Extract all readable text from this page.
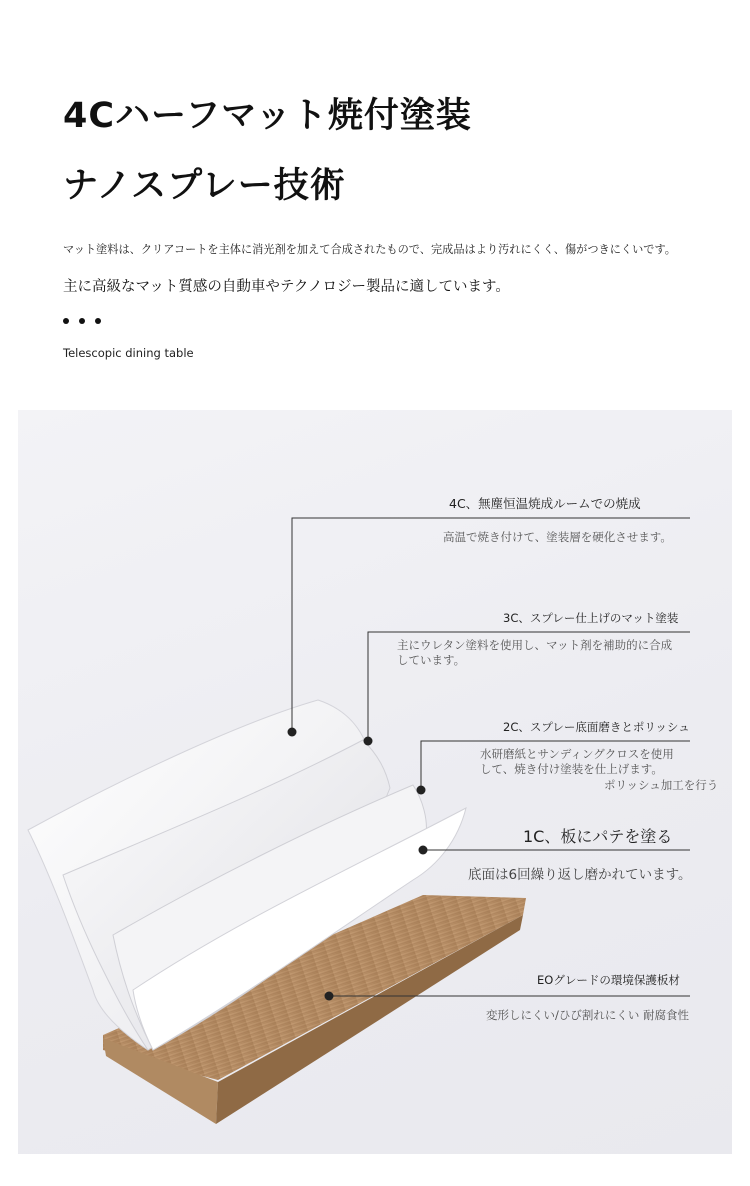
4Cハーフマット焼付塗装
ナノスプレー技術
マット塗料は、クリアコートを主体に消光剤を加えて合成されたもので、完成品はより汚れにくく、傷がつきにくいです。
主に高級なマット質感の自動車やテクノロジー製品に適しています。
Telescopic dining table
4C、無塵恒温焼成ルームでの焼成
高温で焼き付けて、塗装層を硬化させます。
3C、スプレー仕上げのマット塗装
主にウレタン塗料を使用し、マット剤を補助的に合成
しています。
2C、スプレー底面磨きとポリッシュ
水研磨紙とサンディングクロスを使用
して、焼き付け塗装を仕上げます。
ポリッシュ加工を行う
1C、板にパテを塗る
底面は6回繰り返し磨かれています。
EOグレードの環境保護板材
変形しにくい/ひび割れにくい 耐腐食性
